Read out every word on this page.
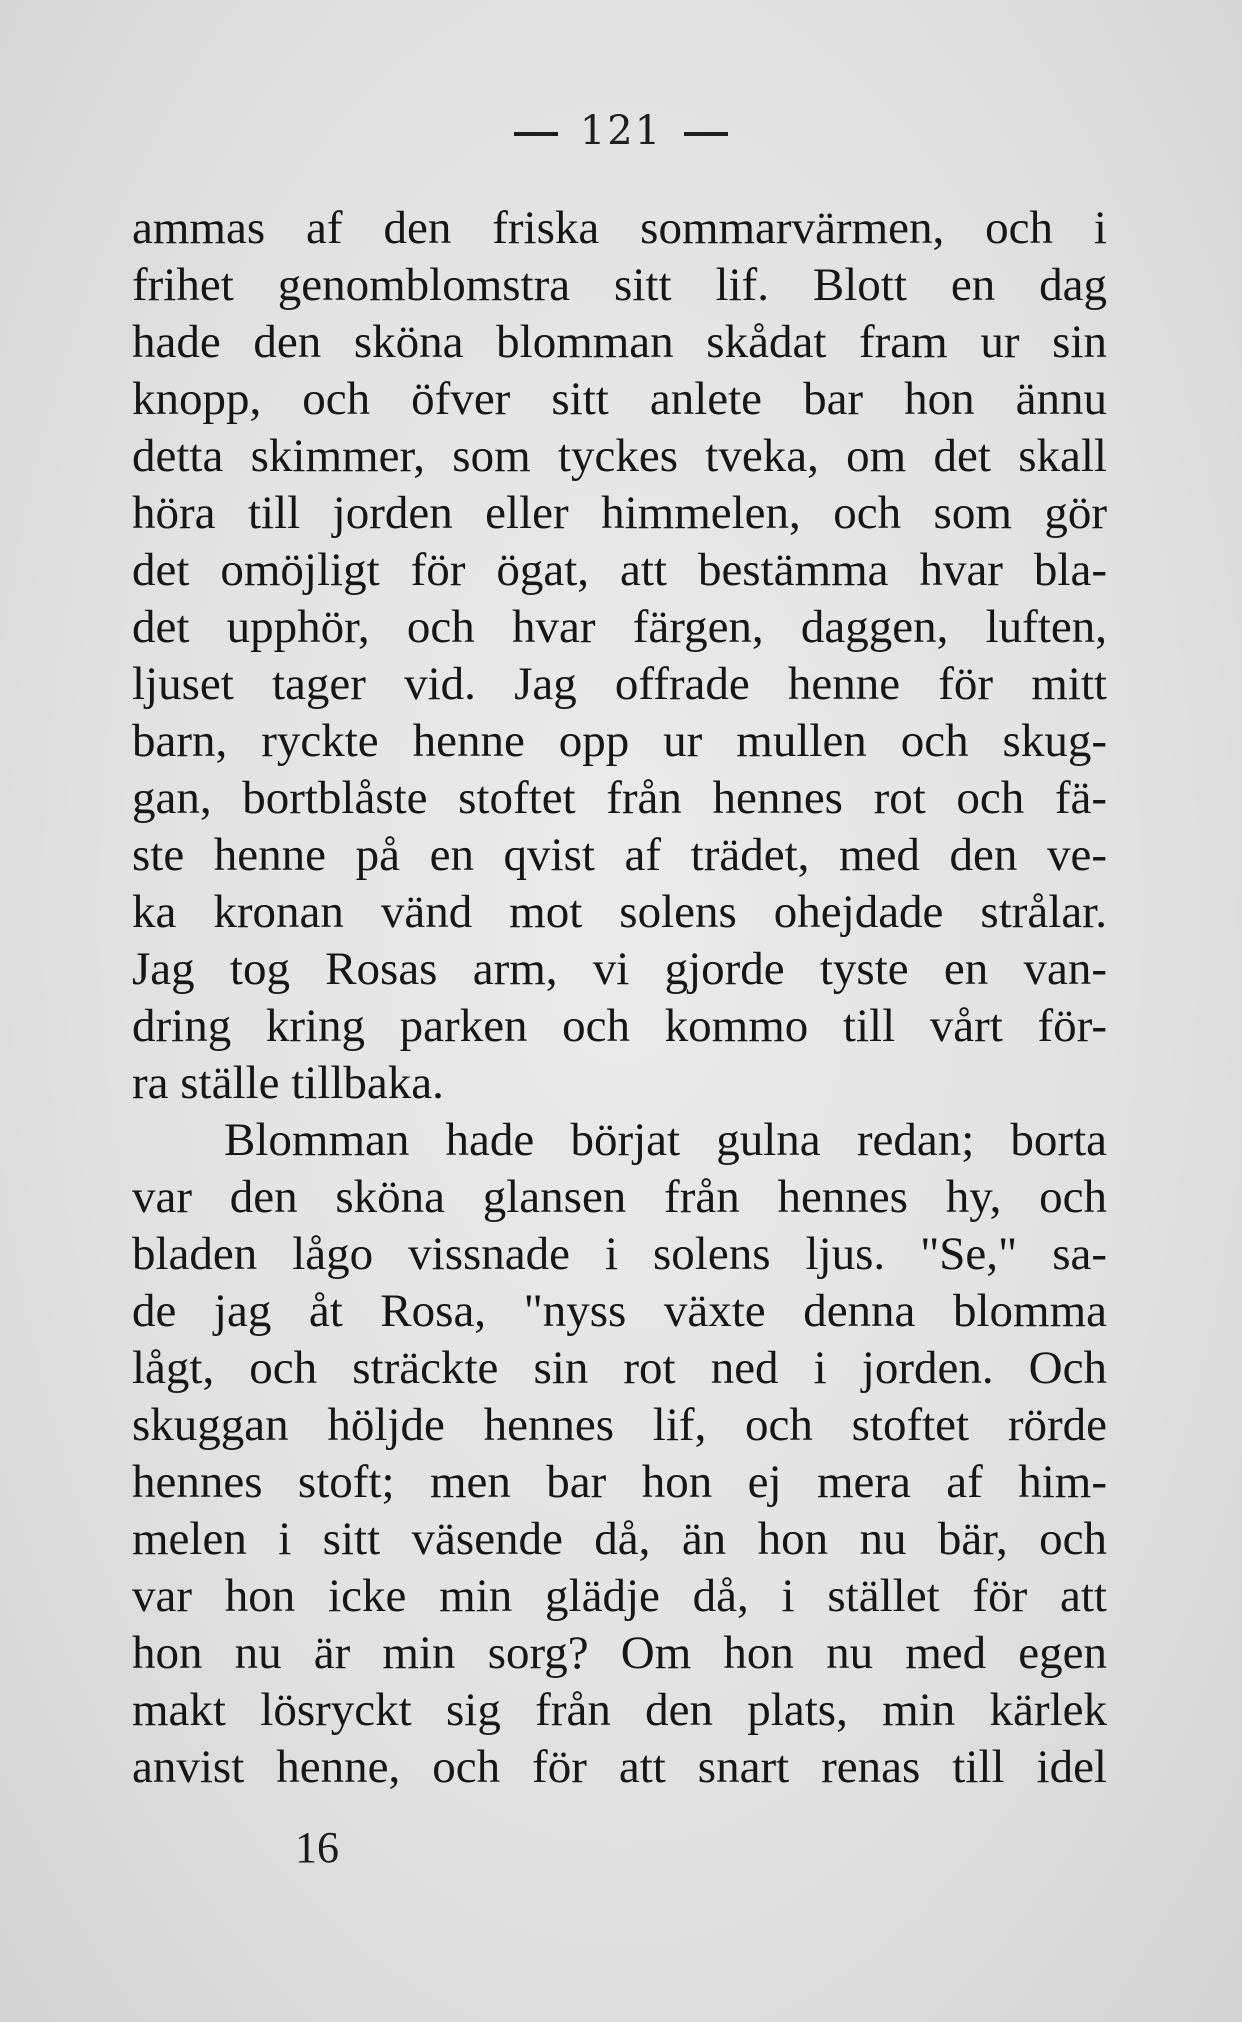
121
ammas af den friska sommarvärmen, och i
frihet genomblomstra sitt lif. Blott en dag
hade den sköna blomman skådat fram ur sin
knopp, och öfver sitt anlete bar hon ännu
detta skimmer, som tyckes tveka, om det skall
höra till jorden eller himmelen, och som gör
det omöjligt för ögat, att bestämma hvar bla-
det upphör, och hvar färgen, daggen, luften,
ljuset tager vid. Jag offrade henne för mitt
barn, ryckte henne opp ur mullen och skug-
gan, bortblåste stoftet från hennes rot och fä-
ste henne på en qvist af trädet, med den ve-
ka kronan vänd mot solens ohejdade strålar.
Jag tog Rosas arm, vi gjorde tyste en van-
dring kring parken och kommo till vårt för-
ra ställe tillbaka.
Blomman hade börjat gulna redan; borta
var den sköna glansen från hennes hy, och
bladen lågo vissnade i solens ljus. "Se," sa-
de jag åt Rosa, "nyss växte denna blomma
lågt, och sträckte sin rot ned i jorden. Och
skuggan höljde hennes lif, och stoftet rörde
hennes stoft; men bar hon ej mera af him-
melen i sitt väsende då, än hon nu bär, och
var hon icke min glädje då, i stället för att
hon nu är min sorg? Om hon nu med egen
makt lösryckt sig från den plats, min kärlek
anvist henne, och för att snart renas till idel
16
